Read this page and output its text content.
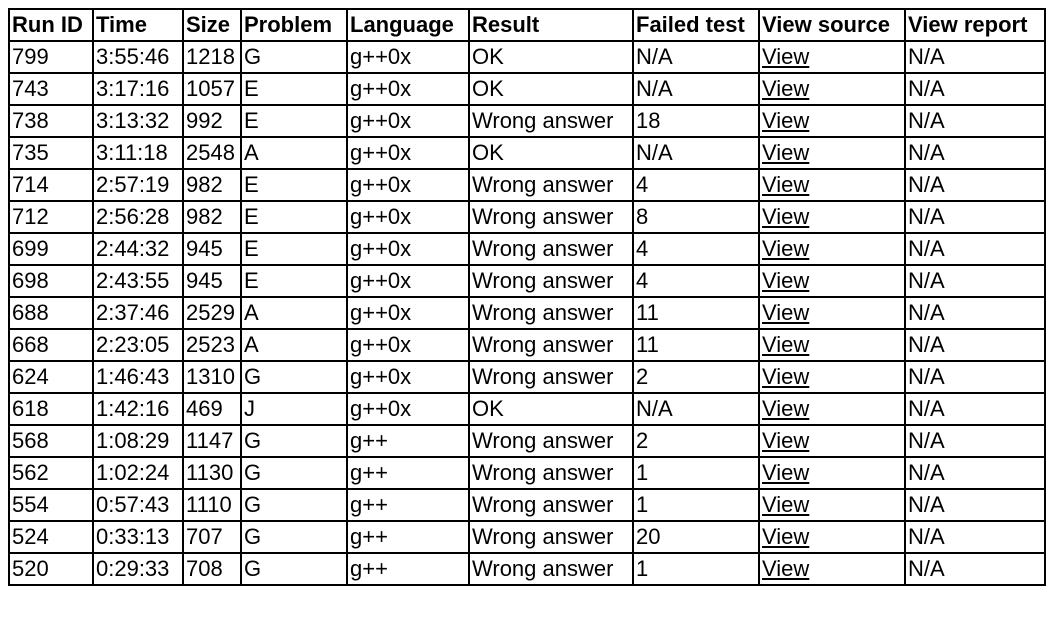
Run ID	Time	Size	Problem	Language	Result	Failed test	View source	View report
799	3:55:46	1218	G	g++0x	OK	N/A	View	N/A
743	3:17:16	1057	E	g++0x	OK	N/A	View	N/A
738	3:13:32	992	E	g++0x	Wrong answer	18	View	N/A
735	3:11:18	2548	A	g++0x	OK	N/A	View	N/A
714	2:57:19	982	E	g++0x	Wrong answer	4	View	N/A
712	2:56:28	982	E	g++0x	Wrong answer	8	View	N/A
699	2:44:32	945	E	g++0x	Wrong answer	4	View	N/A
698	2:43:55	945	E	g++0x	Wrong answer	4	View	N/A
688	2:37:46	2529	A	g++0x	Wrong answer	11	View	N/A
668	2:23:05	2523	A	g++0x	Wrong answer	11	View	N/A
624	1:46:43	1310	G	g++0x	Wrong answer	2	View	N/A
618	1:42:16	469	J	g++0x	OK	N/A	View	N/A
568	1:08:29	1147	G	g++	Wrong answer	2	View	N/A
562	1:02:24	1130	G	g++	Wrong answer	1	View	N/A
554	0:57:43	1110	G	g++	Wrong answer	1	View	N/A
524	0:33:13	707	G	g++	Wrong answer	20	View	N/A
520	0:29:33	708	G	g++	Wrong answer	1	View	N/A
